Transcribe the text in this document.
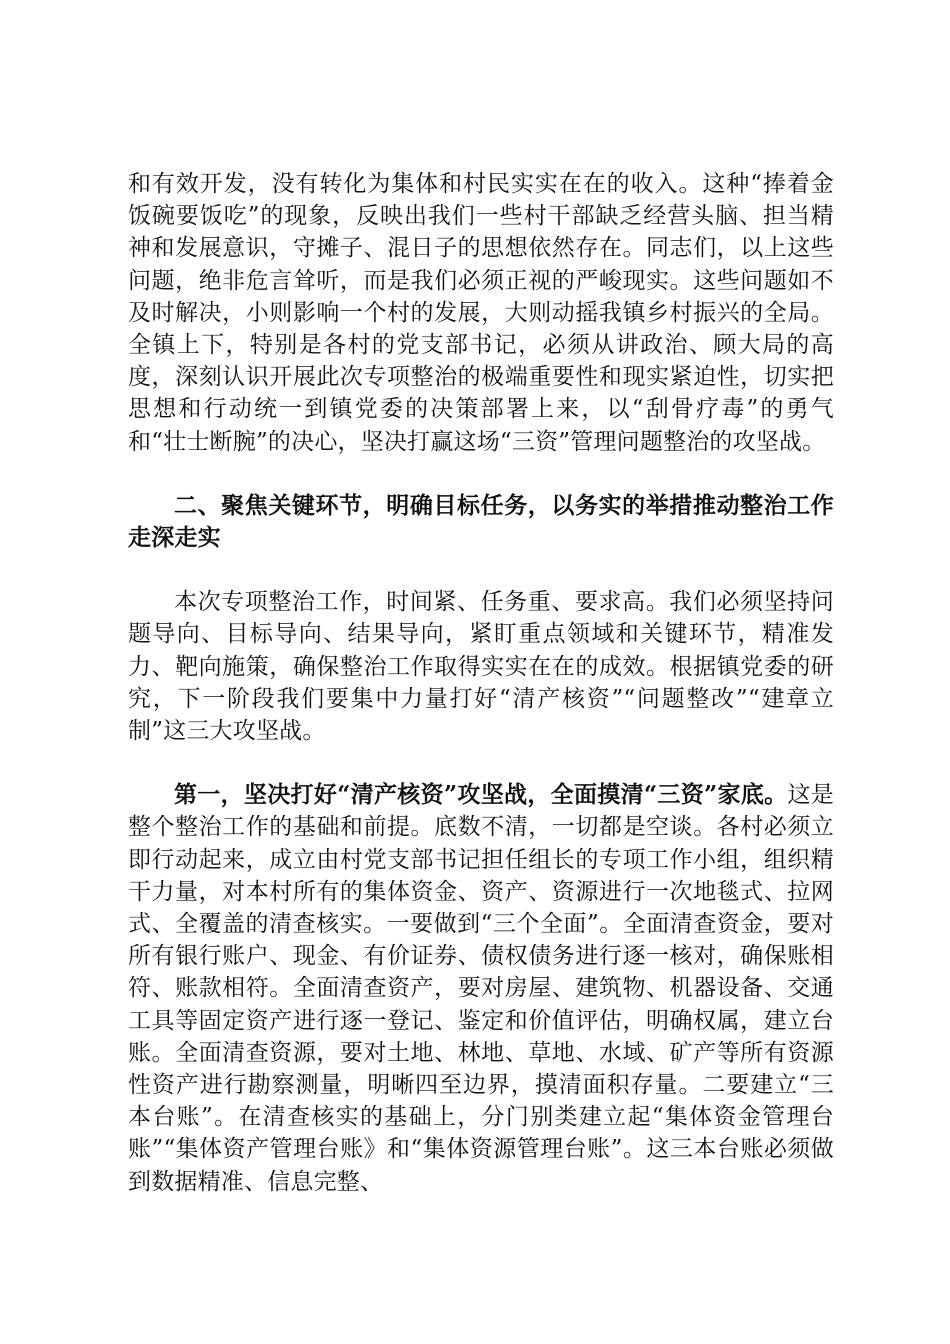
和有效开发，没有转化为集体和村民实实在在的收入。这种“捧着金饭碗要饭吃”的现象，反映出我们一些村干部缺乏经营头脑、担当精神和发展意识，守摊子、混日子的思想依然存在。同志们，以上这些问题，绝非危言耸听，而是我们必须正视的严峻现实。这些问题如不及时解决，小则影响一个村的发展，大则动摇我镇乡村振兴的全局。全镇上下，特别是各村的党支部书记，必须从讲政治、顾大局的高度，深刻认识开展此次专项整治的极端重要性和现实紧迫性，切实把思想和行动统一到镇党委的决策部署上来，以“刮骨疗毒”的勇气和“壮士断腕”的决心，坚决打赢这场“三资”管理问题整治的攻坚战。

二、聚焦关键环节，明确目标任务，以务实的举措推动整治工作走深走实

本次专项整治工作，时间紧、任务重、要求高。我们必须坚持问题导向、目标导向、结果导向，紧盯重点领域和关键环节，精准发力、靶向施策，确保整治工作取得实实在在的成效。根据镇党委的研究，下一阶段我们要集中力量打好“清产核资”“问题整改”“建章立制”这三大攻坚战。

第一，坚决打好“清产核资”攻坚战，全面摸清“三资”家底。这是整个整治工作的基础和前提。底数不清，一切都是空谈。各村必须立即行动起来，成立由村党支部书记担任组长的专项工作小组，组织精干力量，对本村所有的集体资金、资产、资源进行一次地毯式、拉网式、全覆盖的清查核实。一要做到“三个全面”。全面清查资金，要对所有银行账户、现金、有价证券、债权债务进行逐一核对，确保账相符、账款相符。全面清查资产，要对房屋、建筑物、机器设备、交通工具等固定资产进行逐一登记、鉴定和价值评估，明确权属，建立台账。全面清查资源，要对土地、林地、草地、水域、矿产等所有资源性资产进行勘察测量，明晰四至边界，摸清面积存量。二要建立“三本台账”。在清查核实的基础上，分门别类建立起“集体资金管理台账”“集体资产管理台账》和“集体资源管理台账”。这三本台账必须做到数据精准、信息完整、
